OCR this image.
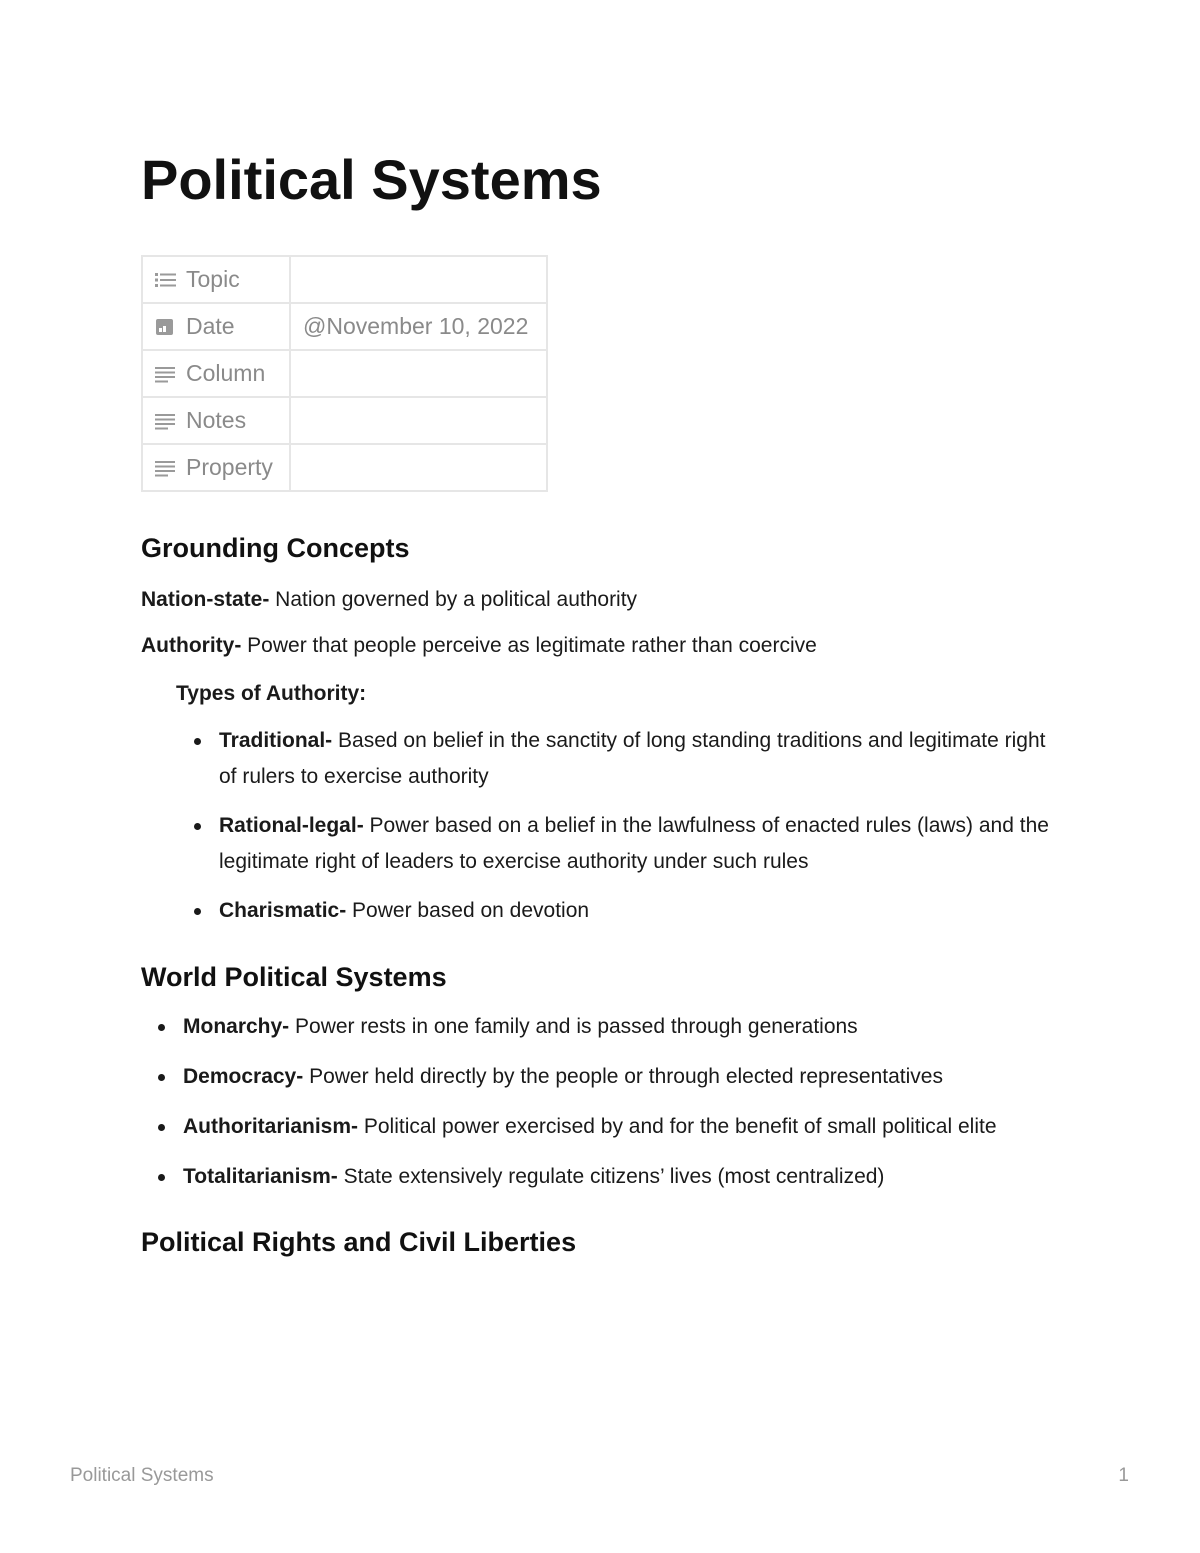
Political Systems
Topic	

Date	@November 10, 2022

Column	

Notes	

Property	
Grounding Concepts

Nation-state- Nation governed by a political authority

Authority- Power that people perceive as legitimate rather than coercive

Types of Authority:

Traditional- Based on belief in the sanctity of long standing traditions and legitimate right of rulers to exercise authority
Rational-legal- Power based on a belief in the lawfulness of enacted rules (laws) and the legitimate right of leaders to exercise authority under such rules
Charismatic- Power based on devotion
World Political Systems
Monarchy- Power rests in one family and is passed through generations
Democracy- Power held directly by the people or through elected representatives
Authoritarianism- Political power exercised by and for the benefit of small political elite
Totalitarianism- State extensively regulate citizens’ lives (most centralized)
Political Rights and Civil Liberties
Political Systems	1
